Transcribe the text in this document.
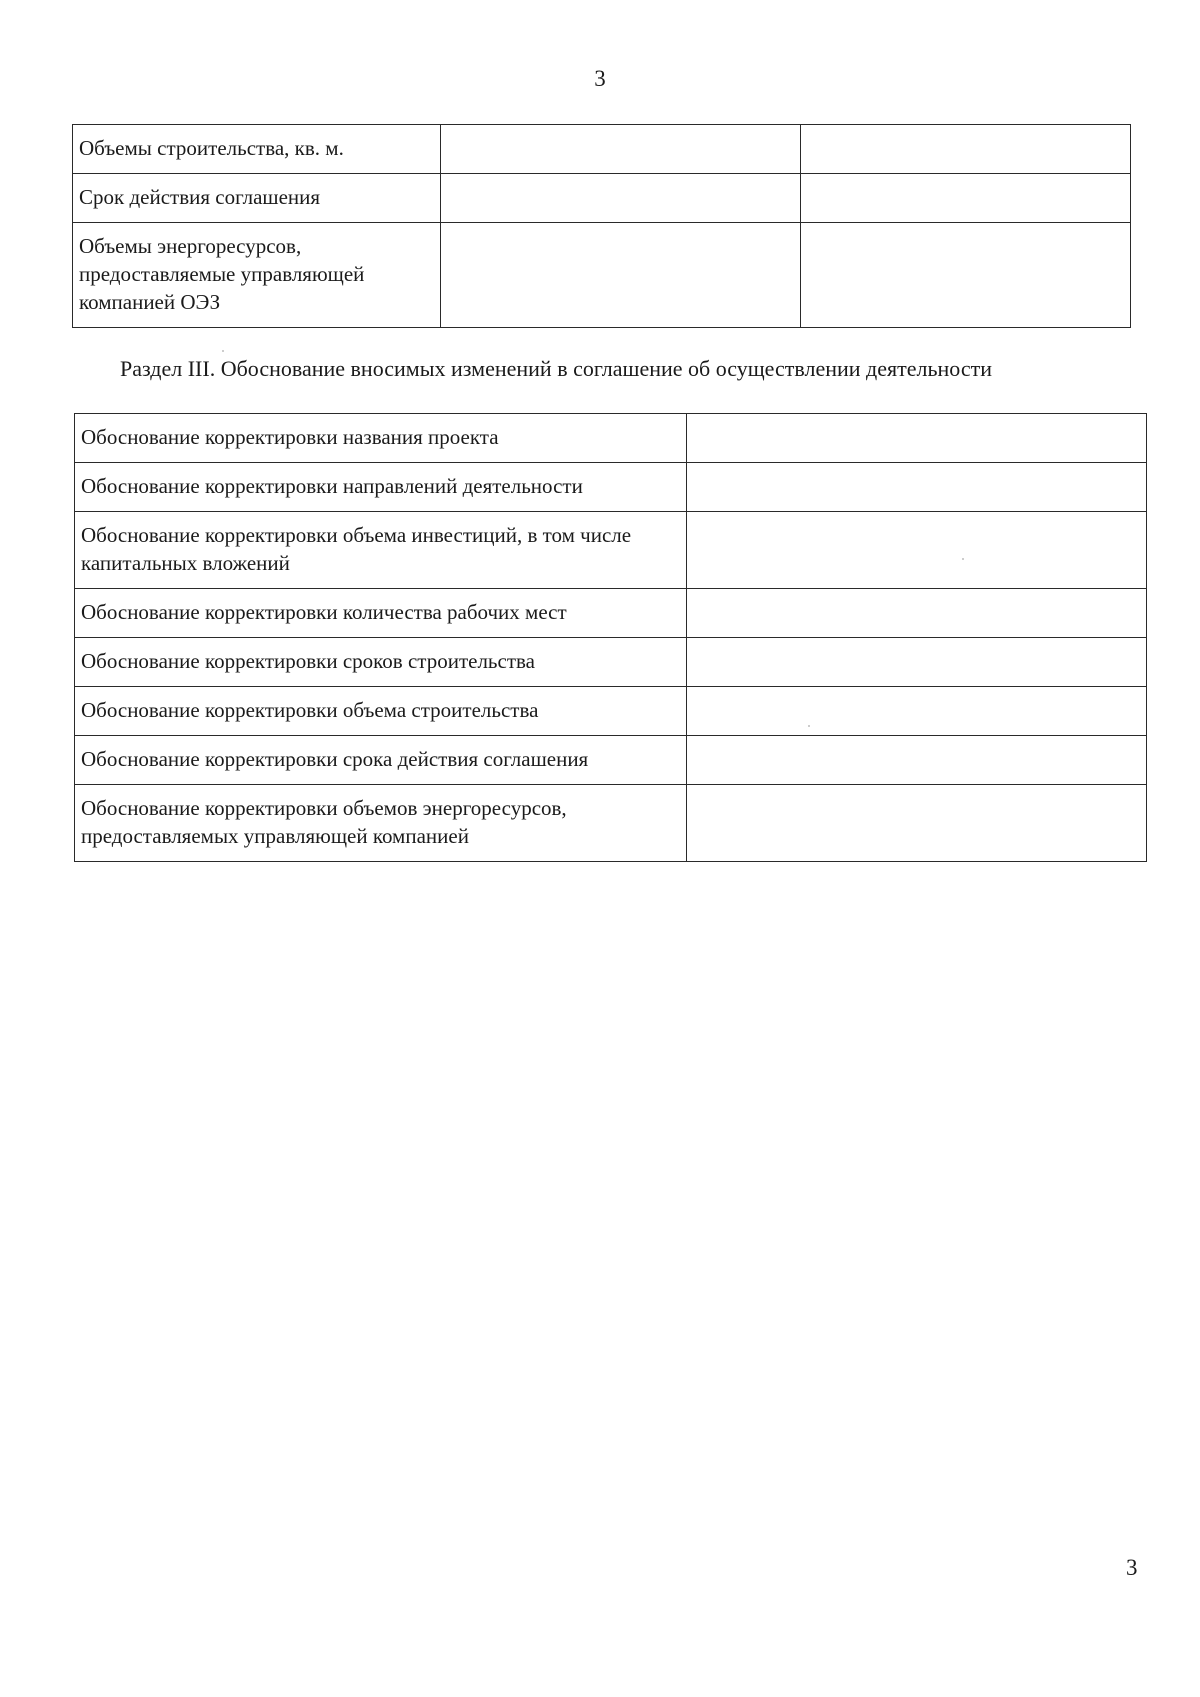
3
Объемы строительства, кв. м.		
Срок действия соглашения		
Объемы энергоресурсов, предоставляемые управляющей компанией ОЭЗ		
Раздел III. Обоснование вносимых изменений в соглашение об осуществлении деятельности
Обоснование корректировки названия проекта	
Обоснование корректировки направлений деятельности	
Обоснование корректировки объема инвестиций, в том числе капитальных вложений	
Обоснование корректировки количества рабочих мест	
Обоснование корректировки сроков строительства	
Обоснование корректировки объема строительства	
Обоснование корректировки срока действия соглашения	
Обоснование корректировки объемов энергоресурсов, предоставляемых управляющей компанией	
3
